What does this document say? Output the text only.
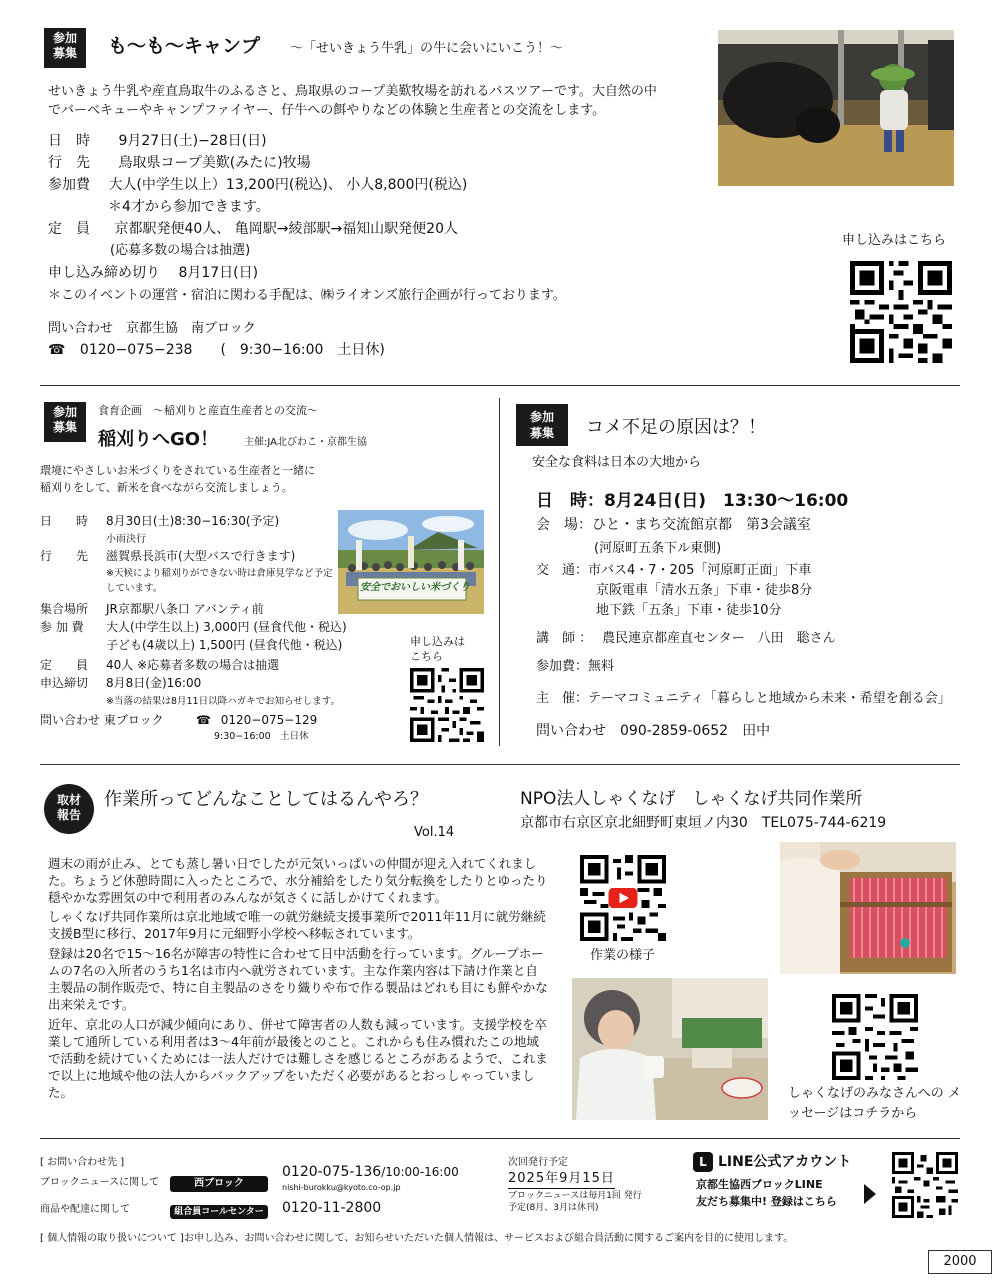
参加
募集	も〜も〜キャンプ 〜「せいきょう牛乳」の牛に会いにいこう！〜
せいきょう牛乳や産直鳥取牛のふるさと、鳥取県のコープ美歎牧場を訪れるバスツアーです。大自然の中でバーベキューやキャンプファイヤー、仔牛への餌やりなどの体験と生産者との交流をします。
日　時 9月27日(土)−28日(日)
行　先 鳥取県コープ美歎(みたに)牧場
参加費 大人(中学生以上）13,200円(税込)、 小人8,800円(税込)
＊4才から参加できます。
定　員 京都駅発便40人、 亀岡駅→綾部駅→福知山駅発便20人
(応募多数の場合は抽選)
申し込み締め切り　 8月17日(日)
＊このイベントの運営・宿泊に関わる手配は、㈱ライオンズ旅行企画が行っております。
問い合わせ　京都生協　南ブロック
☎ 0120−075−238　　(　9:30−16:00　土日休)
申し込みはこちら
参加
募集
食育企画　〜稲刈りと産直生産者との交流〜
稲刈りへGO！	主催:JA北びわこ・京都生協
環境にやさしいお米づくりをされている生産者と一緒に稲刈りをして、新米を食べながら交流しましょう。
安全でおいしい米づくり
日　　時 8月30日(土)8:30−16:30(予定)
小雨決行
行　　先 滋賀県長浜市(大型バスで行きます)
※天候により稲刈りができない時は倉庫見学など予定しています。
集合場所 JR京都駅八条口 アバンティ前
参 加 費 大人(中学生以上) 3,000円 (昼食代他・税込)
子ども(4歳以上) 1,500円 (昼食代他・税込)
定　　員 40人 ※応募者多数の場合は抽選
申込締切 8月8日(金)16:00
※当落の結果は8月11日以降ハガキでお知らせします。
問い合わせ 東ブロック	☎ 0120−075−129
9:30−16:00　土日休
申し込みは こちら
参加
募集	コメ不足の原因は？！
安全な食料は日本の大地から
日　時：8月24日(日)　13:30〜16:00
会　場：ひと・まち交流館京都　第3会議室
(河原町五条下ル東側)
交　通：市バス4・7・205「河原町正面」下車
京阪電車「清水五条」下車・徒歩8分
地下鉄「五条」下車・徒歩10分
講　師 ： 農民連京都産直センター　八田　聡さん
参加費：無料
主　催：テーマコミュニティ「暮らしと地域から未来・希望を創る会」
問い合わせ　090-2859-0652　田中
取材
報告
作業所ってどんなことしてはるんやろ？
Vol.14
NPO法人しゃくなげ　しゃくなげ共同作業所
京都市右京区京北細野町東垣ノ内30　TEL075-744-6219

週末の雨が止み、とても蒸し暑い日でしたが元気いっぱいの仲間が迎え入れてくれました。ちょうど休憩時間に入ったところで、水分補給をしたり気分転換をしたりとゆったり穏やかな雰囲気の中で利用者のみんなが気さくに話しかけてくれます。

しゃくなげ共同作業所は京北地域で唯一の就労継続支援事業所で2011年11月に就労継続支援B型に移行、2017年9月に元細野小学校へ移転されています。

登録は20名で15〜16名が障害の特性に合わせて日中活動を行っています。グループホームの7名の入所者のうち1名は市内へ就労されています。主な作業内容は下請け作業と自主製品の制作販売で、特に自主製品のさをり織りや布で作る製品はどれも目にも鮮やかな出来栄えです。

近年、京北の人口が減少傾向にあり、併せて障害者の人数も減っています。支援学校を卒業して通所している利用者は3〜4年前が最後とのこと。これからも住み慣れたこの地域で活動を続けていくためには一法人だけでは難しさを感じるところがあるようで、これまで以上に地域や他の法人からバックアップをいただく必要があるとおっしゃっていました。

作業の様子
しゃくなげのみなさんへの メッセージはコチラから
[ お問い合わせ先 ]
ブロックニュースに関して	西ブロック
0120-075-136/10:00-16:00
nishi-burokku@kyoto.co-op.jp
商品や配達に関して	組合員コールセンター	0120-11-2800
次回発行予定
2025年9月15日
ブロックニュースは毎月1回 発行予定(8月、3月は休刊)
L LINE公式アカウント
京都生協西ブロックLINE
友だち募集中! 登録はこちら
[ 個人情報の取り扱いについて ]お申し込み、お問い合わせに関して、お知らせいただいた個人情報は、サービスおよび組合員活動に関するご案内を目的に使用します。
2000
